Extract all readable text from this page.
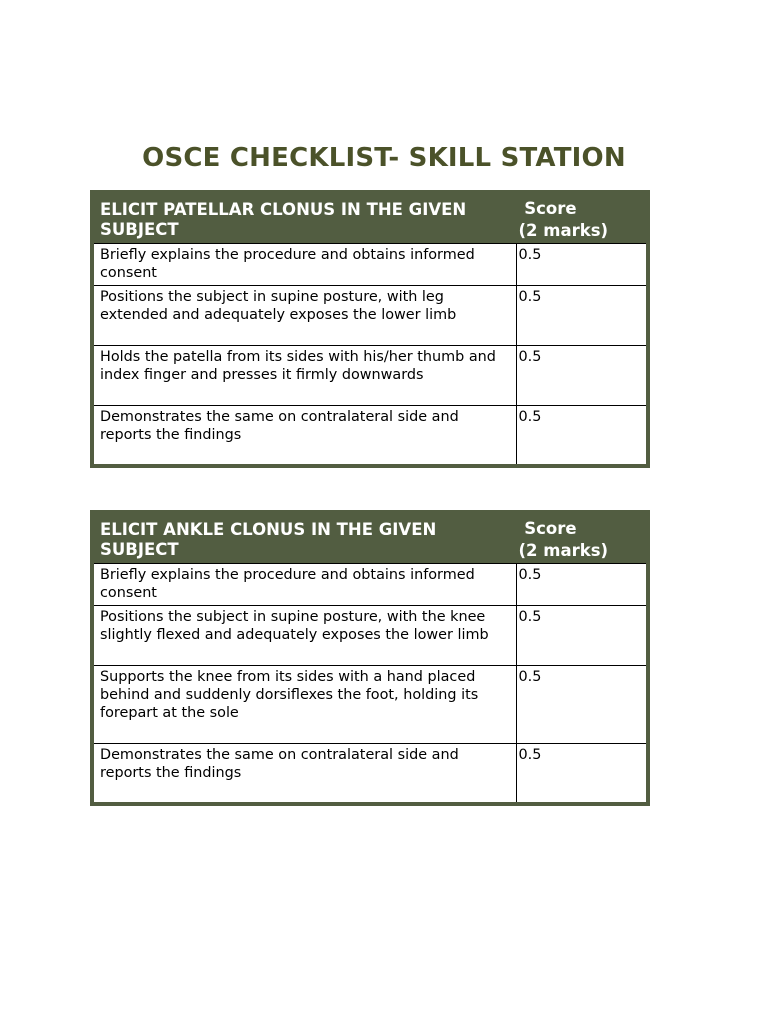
OSCE CHECKLIST- SKILL STATION
ELICIT PATELLAR CLONUS IN THE GIVEN SUBJECT	Score
(2 marks)
Briefly explains the procedure and obtains informed consent	0.5
Positions the subject in supine posture, with leg extended and adequately exposes the lower limb	0.5
Holds the patella from its sides with his/her thumb and index finger and presses it firmly downwards	0.5
Demonstrates the same on contralateral side and reports the findings	0.5
ELICIT ANKLE CLONUS IN THE GIVEN SUBJECT	Score
(2 marks)
Briefly explains the procedure and obtains informed consent	0.5
Positions the subject in supine posture, with the knee slightly flexed and adequately exposes the lower limb	0.5
Supports the knee from its sides with a hand placed behind and suddenly dorsiflexes the foot, holding its forepart at the sole	0.5
Demonstrates the same on contralateral side and reports the findings	0.5
